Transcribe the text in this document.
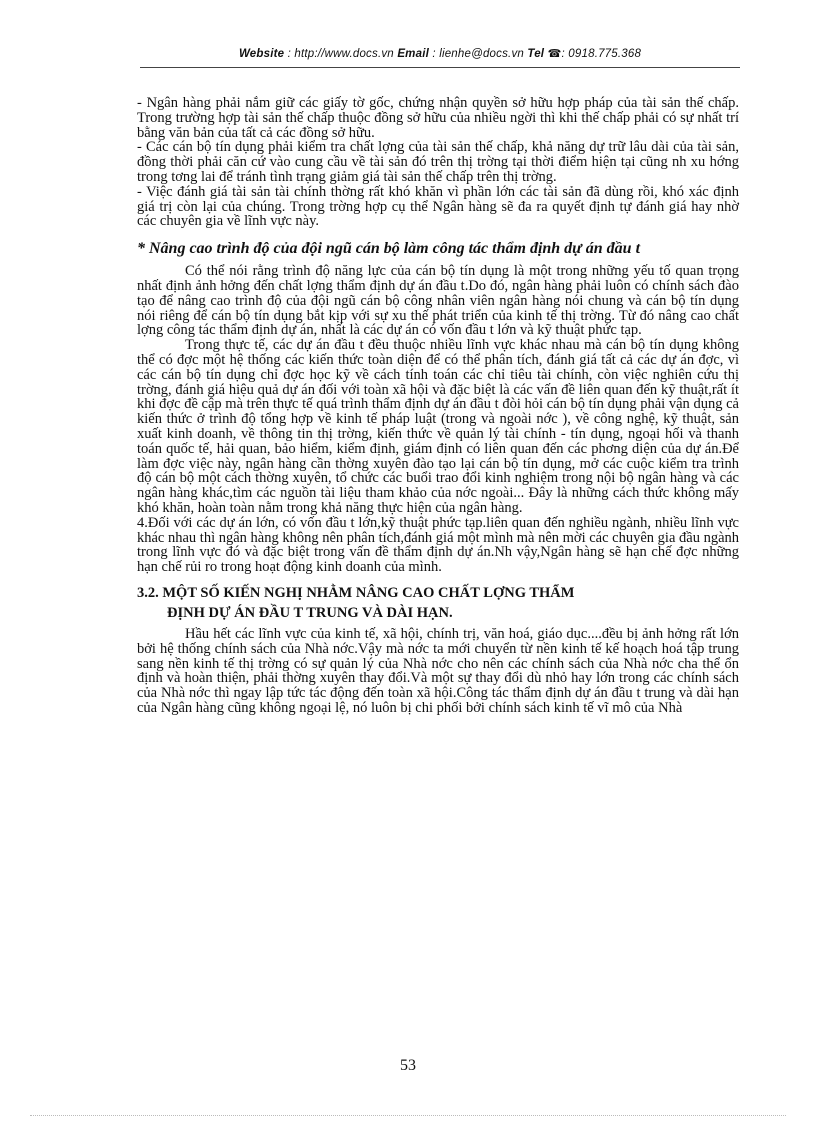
Website : http://www.docs.vn Email : lienhe@docs.vn Tel ☎: 0918.775.368

- Ngân hàng phải nắm giữ các giấy tờ gốc, chứng nhận quyền sở hữu hợp pháp của tài sản thế chấp. Trong trường hợp tài sản thế chấp thuộc đồng sở hữu của nhiều ngời thì khi thế chấp phải có sự nhất trí bằng văn bản của tất cả các đồng sở hữu.

- Các cán bộ tín dụng phải kiểm tra chất lợng của tài sản thế chấp, khả năng dự trữ lâu dài của tài sản, đồng thời phải căn cứ vào cung cầu về tài sản đó trên thị trờng tại thời điểm hiện tại cũng nh xu hớng trong tơng lai để tránh tình trạng giảm giá tài sản thế chấp trên thị trờng.

- Việc đánh giá tài sản tài chính thờng rất khó khăn vì phần lớn các tài sản đã dùng rồi, khó xác định giá trị còn lại của chúng. Trong trờng hợp cụ thể Ngân hàng sẽ đa ra quyết định tự đánh giá hay nhờ các chuyên gia về lĩnh vực này.

* Nâng cao trình độ của đội ngũ cán bộ làm công tác thẩm định dự án đầu t

Có thể nói rằng trình độ năng lực của cán bộ tín dụng là một trong những yếu tố quan trọng nhất định ảnh hởng đến chất lợng thẩm định dự án đầu t.Do đó, ngân hàng phải luôn có chính sách đào tạo để nâng cao trình độ của đội ngũ cán bộ công nhân viên ngân hàng nói chung và cán bộ tín dụng nói riêng để cán bộ tín dụng bắt kịp với sự xu thế phát triển của kinh tế thị trờng. Từ đó nâng cao chất lợng công tác thẩm định dự án, nhất là các dự án có vốn đầu t lớn và kỹ thuật phức tạp.

Trong thực tế, các dự án đầu t đều thuộc nhiều lĩnh vực khác nhau mà cán bộ tín dụng không thể có đợc một hệ thống các kiến thức toàn diện để có thể phân tích, đánh giá tất cả các dự án đợc, vì các cán bộ tín dụng chỉ đợc học kỹ về cách tính toán các chỉ tiêu tài chính, còn việc nghiên cứu thị trờng, đánh giá hiệu quả dự án đối với toàn xã hội và đặc biệt là các vấn đề liên quan đến kỹ thuật,rất ít khi đợc đề cập mà trên thực tế quá trình thẩm định dự án đầu t đòi hỏi cán bộ tín dụng phải vận dụng cả kiến thức ở trình độ tổng hợp về kinh tế pháp luật (trong và ngoài nớc ), về công nghệ, kỹ thuật, sản xuất kinh doanh, về thông tin thị trờng, kiến thức về quản lý tài chính - tín dụng, ngoại hối và thanh toán quốc tế, hải quan, bảo hiểm, kiểm định, giám định có liên quan đến các phơng diện của dự án.Để làm đợc việc này, ngân hàng cần thờng xuyên đào tạo lại cán bộ tín dụng, mở các cuộc kiểm tra trình độ cán bộ một cách thờng xuyên, tổ chức các buổi trao đổi kinh nghiệm trong nội bộ ngân hàng và các ngân hàng khác,tìm các nguồn tài liệu tham khảo của nớc ngoài... Đây là những cách thức không mấy khó khăn, hoàn toàn nằm trong khả năng thực hiện của ngân hàng.

4.Đối với các dự án lớn, có vốn đầu t lớn,kỹ thuật phức tạp.liên quan đến nghiều ngành, nhiều lĩnh vực khác nhau thì ngân hàng không nên phân tích,đánh giá một mình mà nên mời các chuyên gia đầu ngành trong lĩnh vực đó và đặc biệt trong vấn đề thẩm định dự án.Nh vậy,Ngân hàng sẽ hạn chế đợc những hạn chế rủi ro trong hoạt động kinh doanh của mình.

3.2. MỘT SỐ KIẾN NGHỊ NHẰM NÂNG CAO CHẤT LỢNG THẨM
ĐỊNH DỰ ÁN ĐẦU T TRUNG VÀ DÀI HẠN.

Hầu hết các lĩnh vực của kinh tế, xã hội, chính trị, văn hoá, giáo dục....đều bị ảnh hởng rất lớn bởi hệ thống chính sách của Nhà nớc.Vậy mà nớc ta mới chuyển từ nền kinh tế kế hoạch hoá tập trung sang nền kinh tế thị trờng có sự quản lý của Nhà nớc cho nên các chính sách của Nhà nớc cha thể ổn định và hoàn thiện, phải thờng xuyên thay đổi.Và một sự thay đổi dù nhỏ hay lớn trong các chính sách của Nhà nớc thì ngay lập tức tác động đến toàn xã hội.Công tác thẩm định dự án đầu t trung và dài hạn của Ngân hàng cũng không ngoại lệ, nó luôn bị chi phối bởi chính sách kinh tế vĩ mô của Nhà

53
